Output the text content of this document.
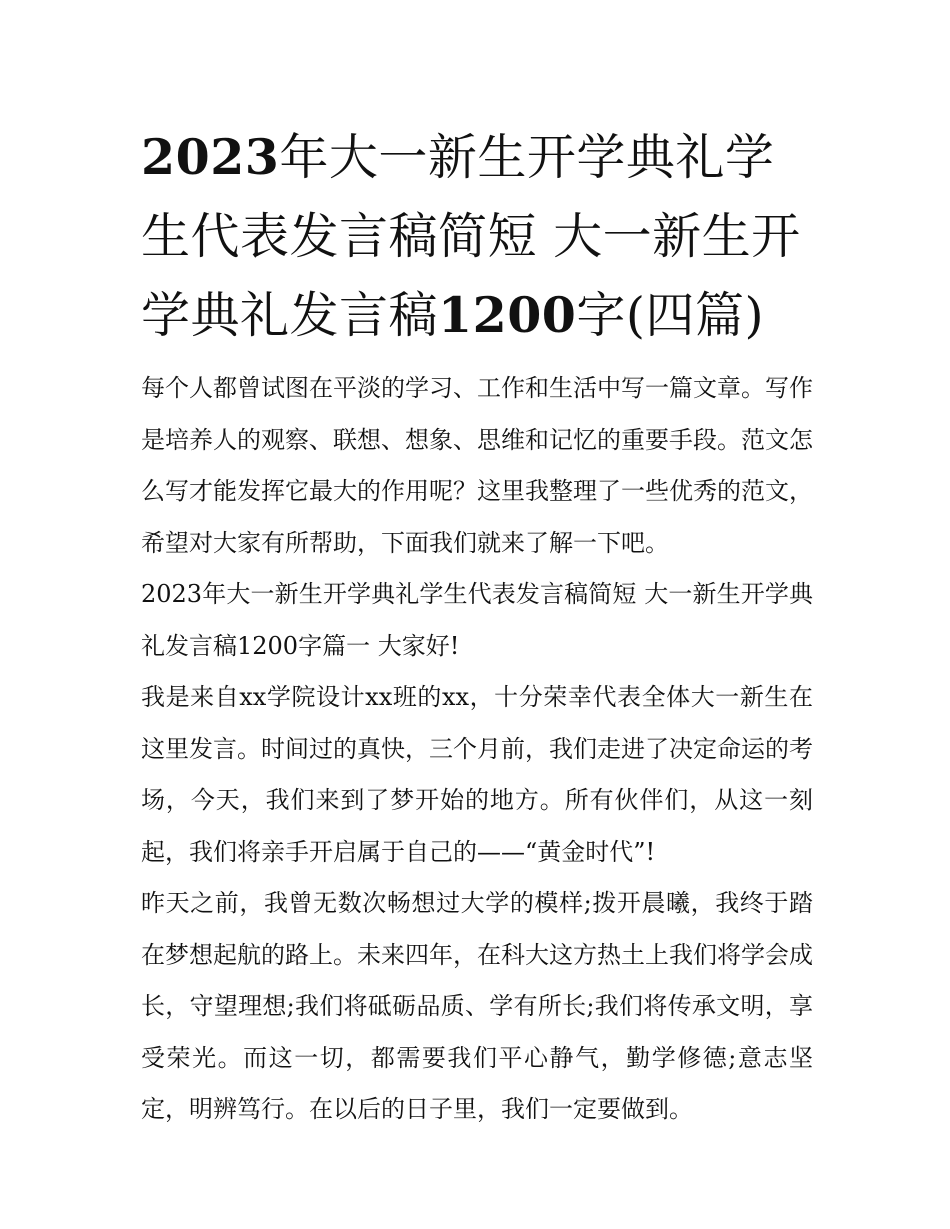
2023年大一新生开学典礼学生代表发言稿简短 大一新生开学典礼发言稿1200字(四篇)

每个人都曾试图在平淡的学习、工作和生活中写一篇文章。写作是培养人的观察、联想、想象、思维和记忆的重要手段。范文怎么写才能发挥它最大的作用呢？这里我整理了一些优秀的范文，希望对大家有所帮助，下面我们就来了解一下吧。

2023年大一新生开学典礼学生代表发言稿简短 大一新生开学典礼发言稿1200字篇一 大家好!

我是来自xx学院设计xx班的xx，十分荣幸代表全体大一新生在这里发言。时间过的真快，三个月前，我们走进了决定命运的考场，今天，我们来到了梦开始的地方。所有伙伴们，从这一刻起，我们将亲手开启属于自己的——“黄金时代”!

昨天之前，我曾无数次畅想过大学的模样;拨开晨曦，我终于踏在梦想起航的路上。未来四年，在科大这方热土上我们将学会成长，守望理想;我们将砥砺品质、学有所长;我们将传承文明，享受荣光。而这一切，都需要我们平心静气，勤学修德;意志坚定，明辨笃行。在以后的日子里，我们一定要做到。
